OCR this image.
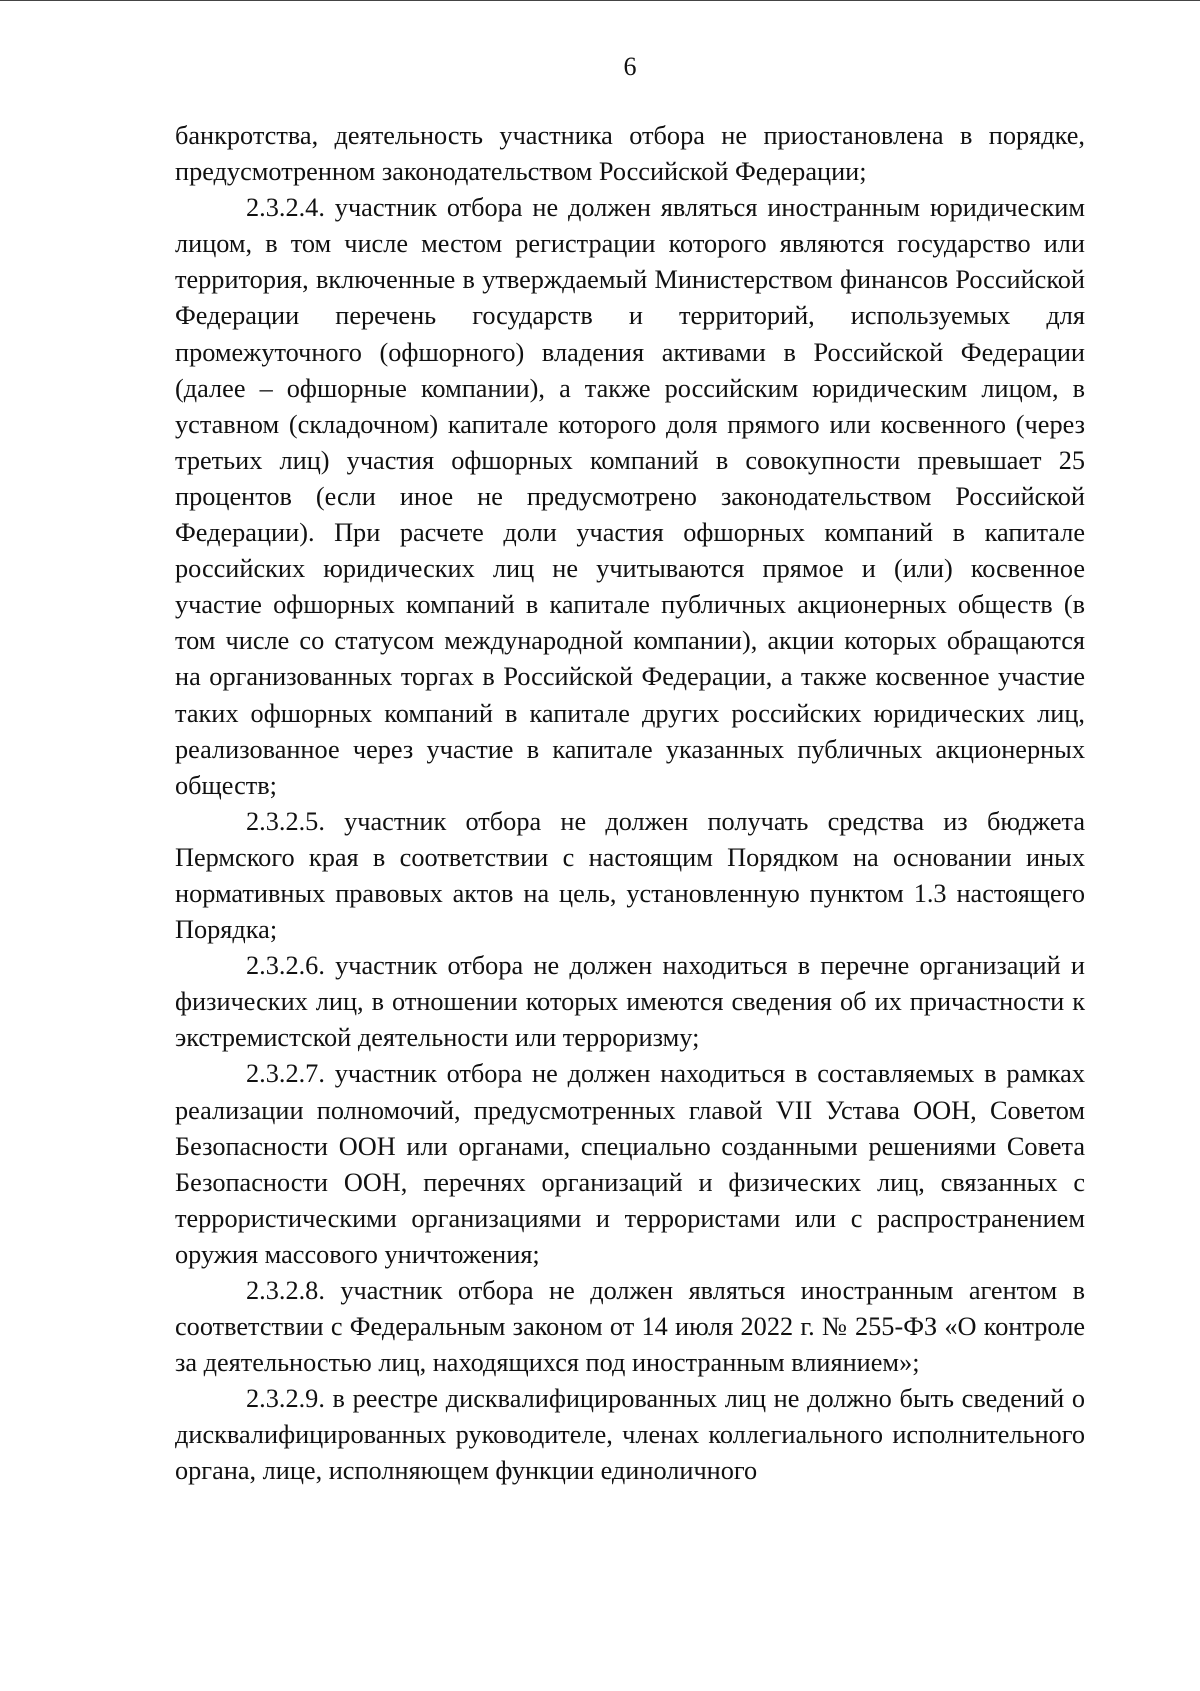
6

банкротства, деятельность участника отбора не приостановлена в порядке, предусмотренном законодательством Российской Федерации;

2.3.2.4. участник отбора не должен являться иностранным юридическим лицом, в том числе местом регистрации которого являются государство или территория, включенные в утверждаемый Министерством финансов Российской Федерации перечень государств и территорий, используемых для промежуточного (офшорного) владения активами в Российской Федерации (далее – офшорные компании), а также российским юридическим лицом, в уставном (складочном) капитале которого доля прямого или косвенного (через третьих лиц) участия офшорных компаний в совокупности превышает 25 процентов (если иное не предусмотрено законодательством Российской Федерации). При расчете доли участия офшорных компаний в капитале российских юридических лиц не учитываются прямое и (или) косвенное участие офшорных компаний в капитале публичных акционерных обществ (в том числе со статусом международной компании), акции которых обращаются на организованных торгах в Российской Федерации, а также косвенное участие таких офшорных компаний в капитале других российских юридических лиц, реализованное через участие в капитале указанных публичных акционерных обществ;

2.3.2.5. участник отбора не должен получать средства из бюджета Пермского края в соответствии с настоящим Порядком на основании иных нормативных правовых актов на цель, установленную пунктом 1.3 настоящего Порядка;

2.3.2.6. участник отбора не должен находиться в перечне организаций и физических лиц, в отношении которых имеются сведения об их причастности к экстремистской деятельности или терроризму;

2.3.2.7. участник отбора не должен находиться в составляемых в рамках реализации полномочий, предусмотренных главой VII Устава ООН, Советом Безопасности ООН или органами, специально созданными решениями Совета Безопасности ООН, перечнях организаций и физических лиц, связанных с террористическими организациями и террористами или с распространением оружия массового уничтожения;

2.3.2.8. участник отбора не должен являться иностранным агентом в соответствии с Федеральным законом от 14 июля 2022 г. № 255-ФЗ «О контроле за деятельностью лиц, находящихся под иностранным влиянием»;

2.3.2.9. в реестре дисквалифицированных лиц не должно быть сведений о дисквалифицированных руководителе, членах коллегиального исполнительного органа, лице, исполняющем функции единоличного
